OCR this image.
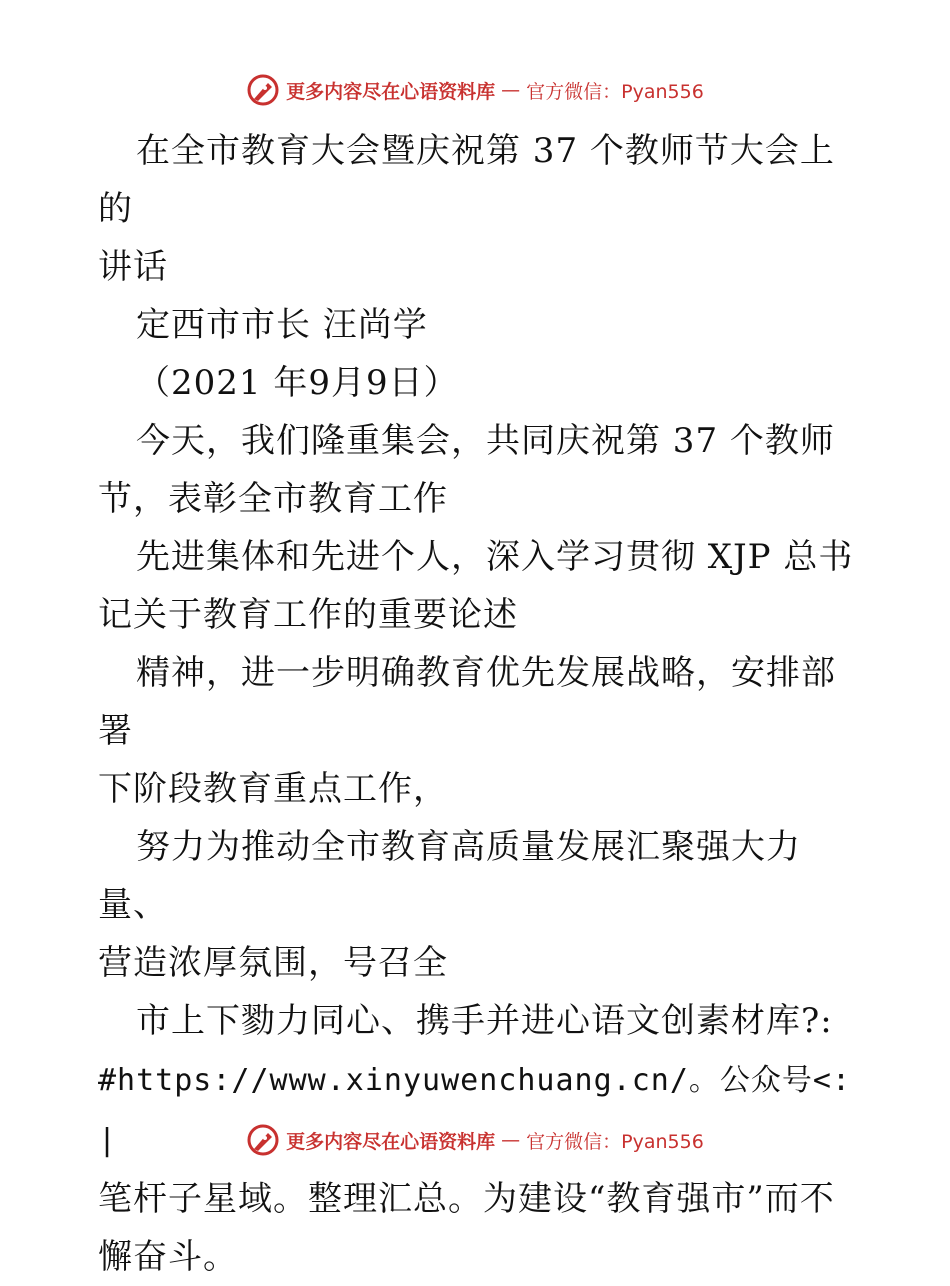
更多内容尽在心语资料库 — 官方微信：Pyan556

在全市教育大会暨庆祝第 37 个教师节大会上的
讲话

定西市市长 汪尚学

（2021 年9月9日）

今天，我们隆重集会，共同庆祝第 37 个教师
节，表彰全市教育工作

先进集体和先进个人，深入学习贯彻 XJP 总书
记关于教育工作的重要论述

精神，进一步明确教育优先发展战略，安排部署
下阶段教育重点工作，

努力为推动全市教育高质量发展汇聚强大力量、
营造浓厚氛围，号召全

市上下勠力同心、携手并进心语文创素材库?:
#https://www.xinyuwenchuang.cn/。公众号<: |
笔杆子星域。整理汇总。为建设“教育强市”而不
懈奋斗。

更多内容尽在心语资料库 — 官方微信：Pyan556
